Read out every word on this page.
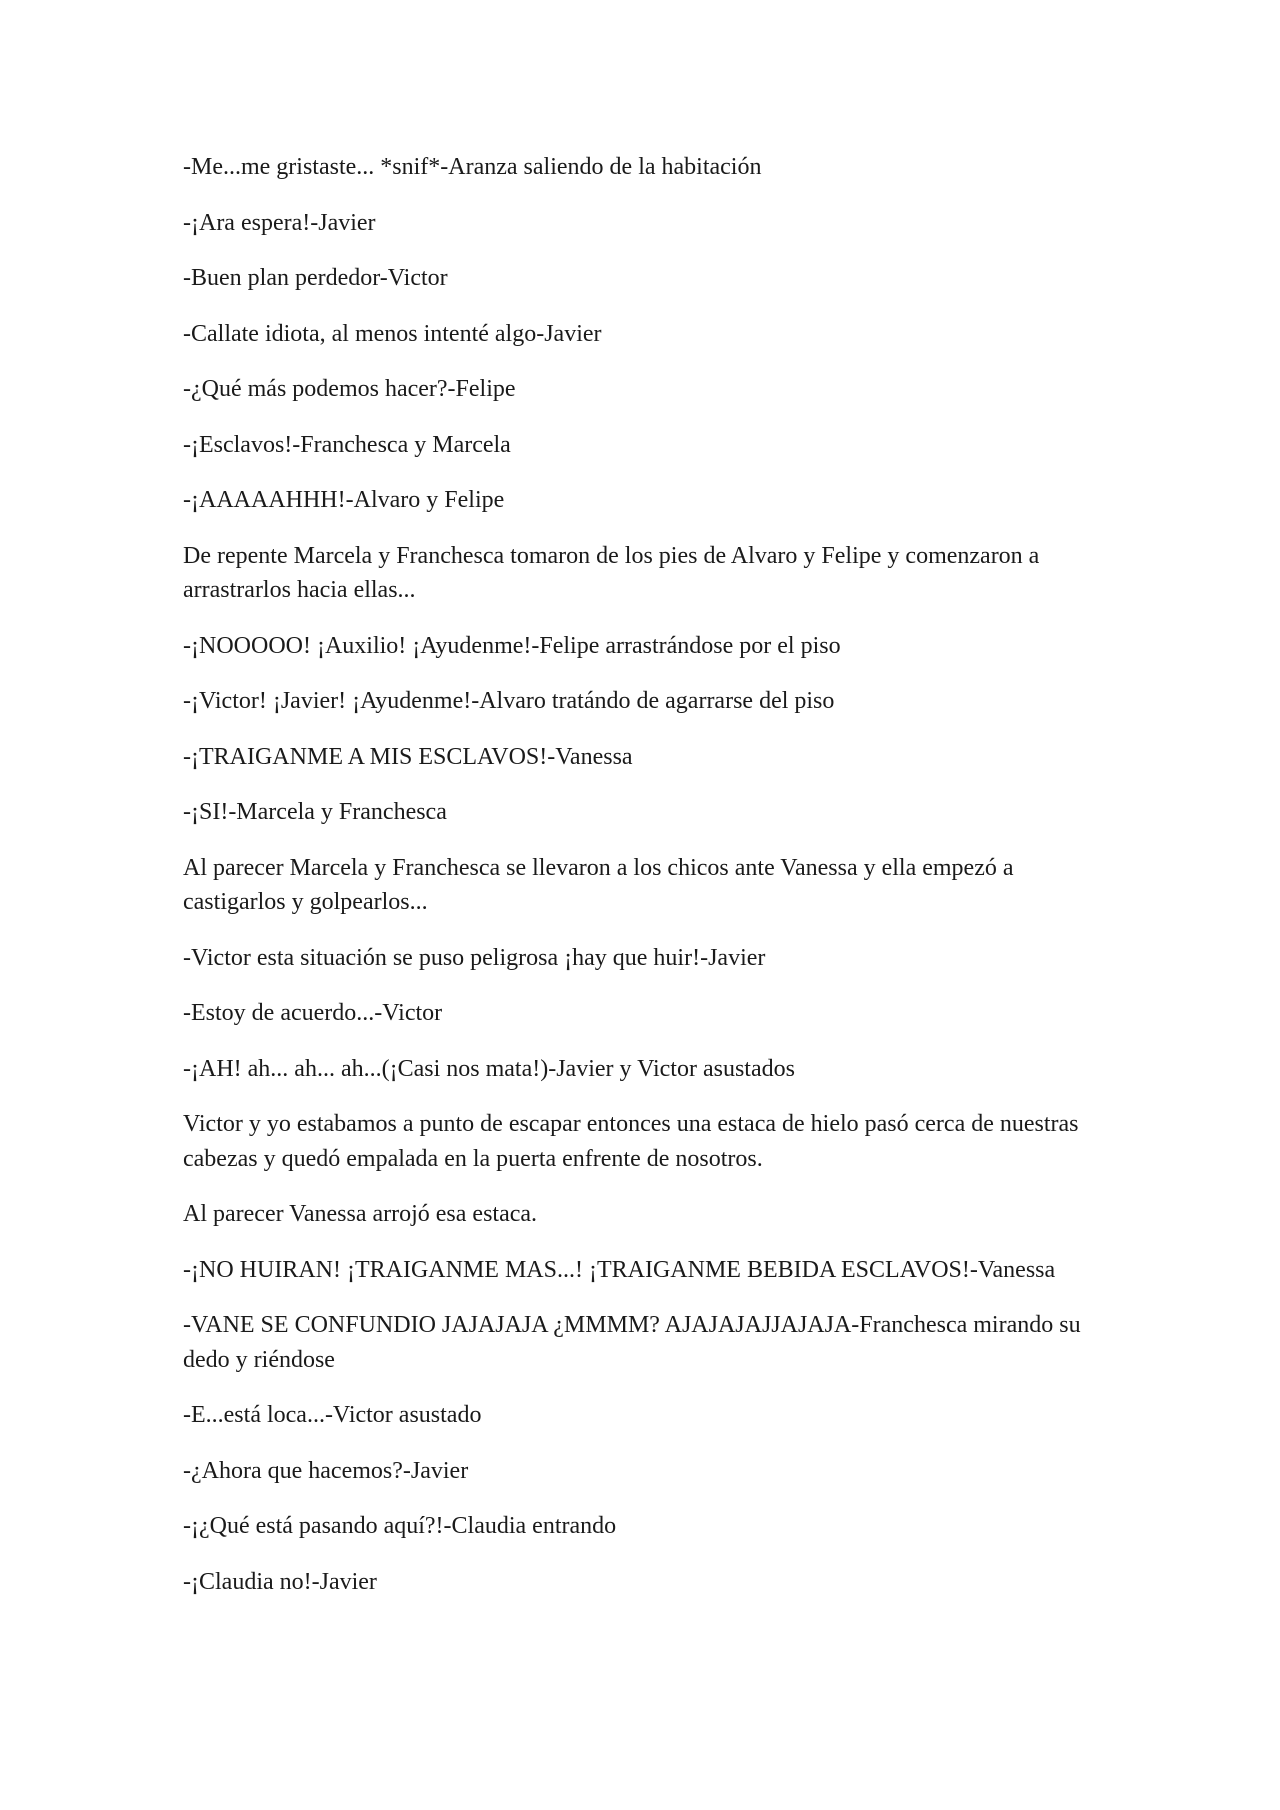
-Me...me gristaste... *snif*-Aranza saliendo de la habitación

-¡Ara espera!-Javier

-Buen plan perdedor-Victor

-Callate idiota, al menos intenté algo-Javier

-¿Qué más podemos hacer?-Felipe

-¡Esclavos!-Franchesca y Marcela

-¡AAAAAHHH!-Alvaro y Felipe

De repente Marcela y Franchesca tomaron de los pies de Alvaro y Felipe y comenzaron a arrastrarlos hacia ellas...

-¡NOOOOO! ¡Auxilio! ¡Ayudenme!-Felipe arrastrándose por el piso

-¡Victor! ¡Javier! ¡Ayudenme!-Alvaro tratándo de agarrarse del piso

-¡TRAIGANME A MIS ESCLAVOS!-Vanessa

-¡SI!-Marcela y Franchesca

Al parecer Marcela y Franchesca se llevaron a los chicos ante Vanessa y ella empezó a castigarlos y golpearlos...

-Victor esta situación se puso peligrosa ¡hay que huir!-Javier

-Estoy de acuerdo...-Victor

-¡AH! ah... ah... ah...(¡Casi nos mata!)-Javier y Victor asustados

Victor y yo estabamos a punto de escapar entonces una estaca de hielo pasó cerca de nuestras cabezas y quedó empalada en la puerta enfrente de nosotros.

Al parecer Vanessa arrojó esa estaca.

-¡NO HUIRAN! ¡TRAIGANME MAS...! ¡TRAIGANME BEBIDA ESCLAVOS!-Vanessa

-VANE SE CONFUNDIO JAJAJAJA ¿MMMM? AJAJAJAJJAJAJA-Franchesca mirando su dedo y riéndose

-E...está loca...-Victor asustado

-¿Ahora que hacemos?-Javier

-¡¿Qué está pasando aquí?!-Claudia entrando

-¡Claudia no!-Javier
